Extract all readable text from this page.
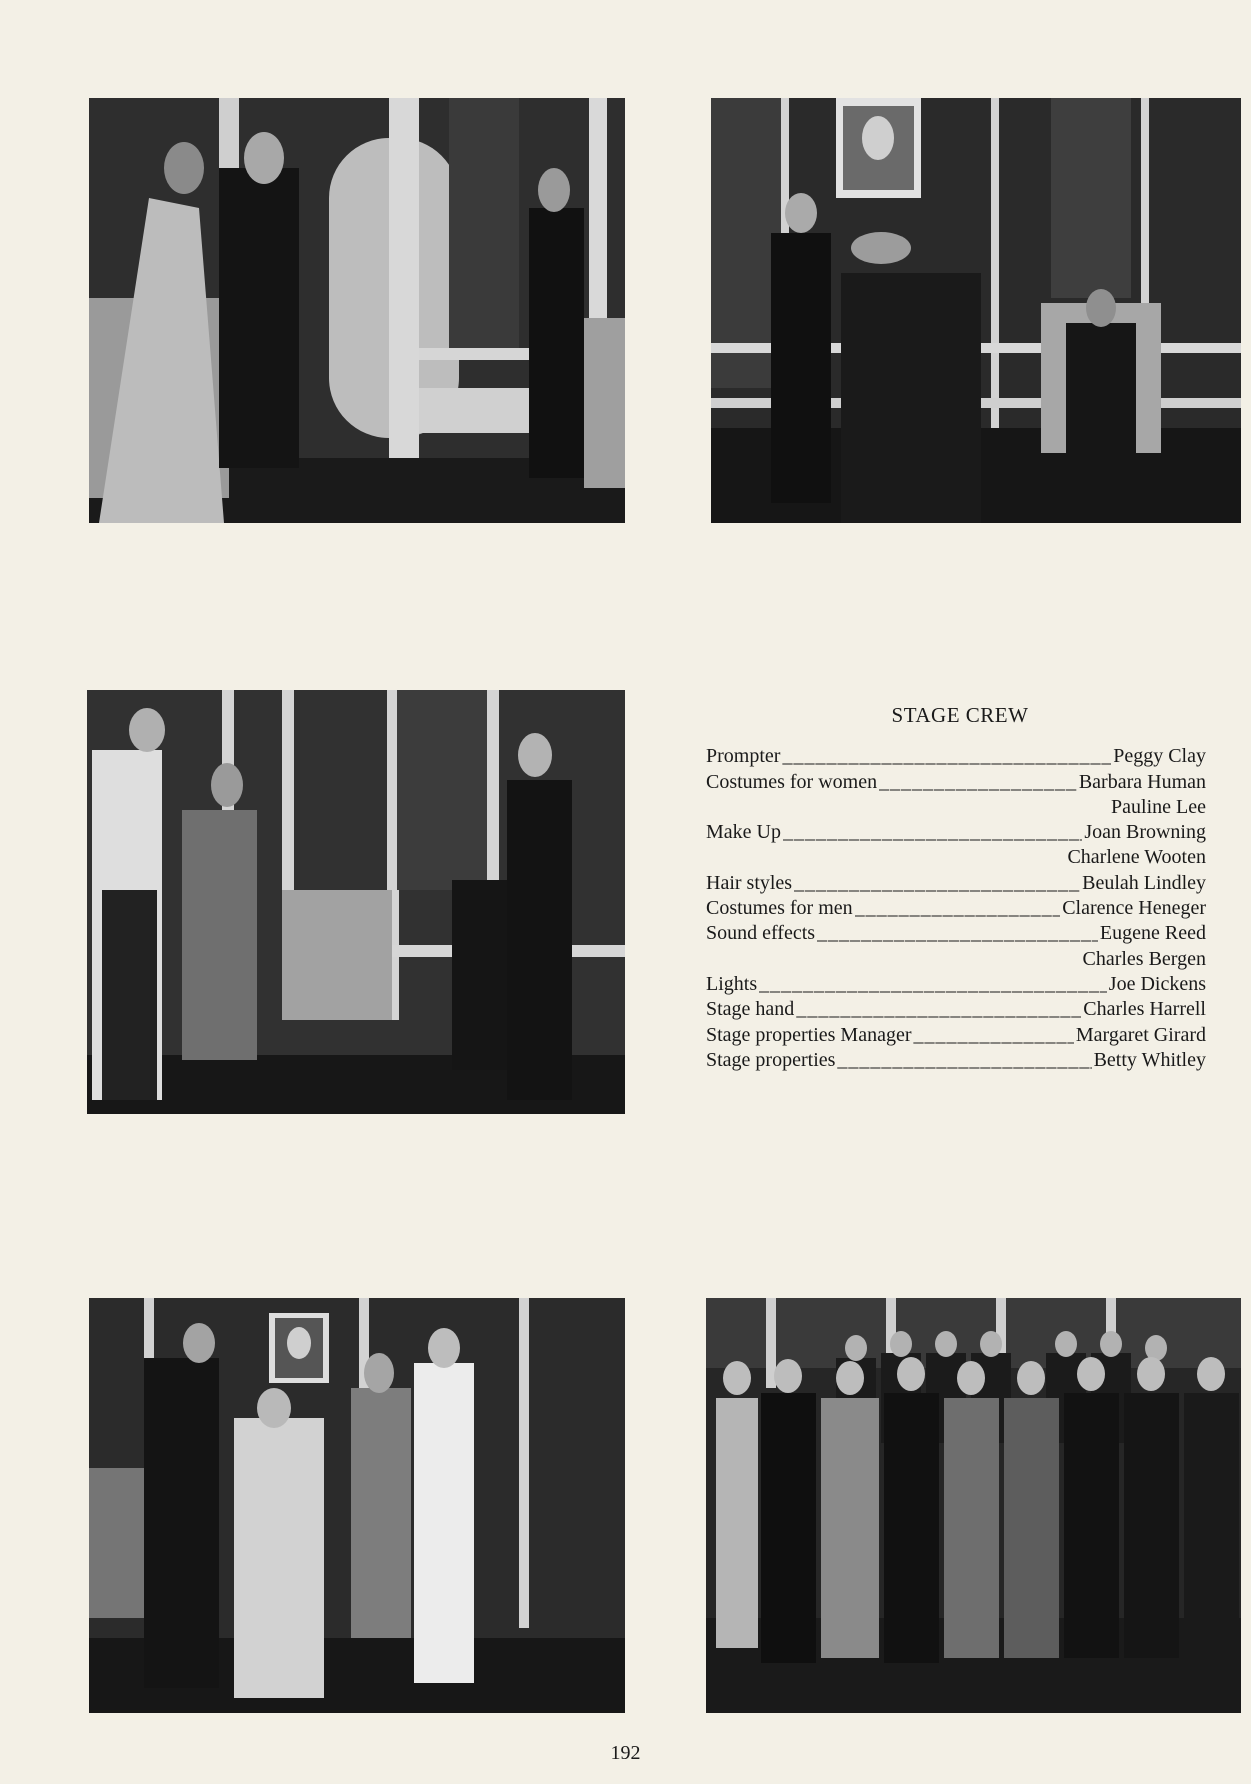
STAGE CREW
Prompter _____	Peggy Clay
Costumes for women _____	Barbara Human
Pauline Lee
Make Up _____	Joan Browning
Charlene Wooten
Hair styles _____	Beulah Lindley
Costumes for men _____	Clarence Heneger
Sound effects _____	Eugene Reed
Charles Bergen
Lights _____	Joe Dickens
Stage hand _____	Charles Harrell
Stage properties Manager _____	Margaret Girard
Stage properties _____	Betty Whitley
192
